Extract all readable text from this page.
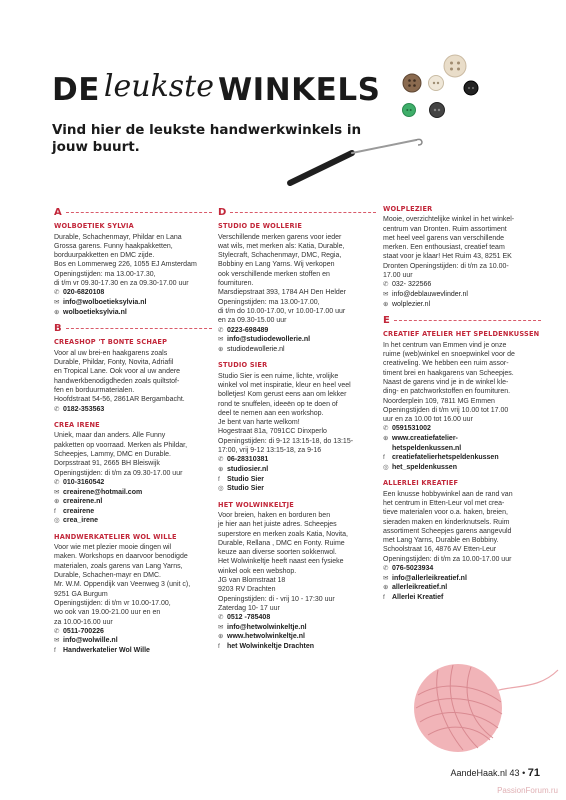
DE leukste WINKELS
Vind hier de leukste handwerkwinkels in jouw buurt.
A
WOLBOETIEK SYLVIA
Durable, Schachenmayr, Phildar en Lana
Grossa garens. Funny haakpakketten,
borduurpakketten en DMC zijde.
Bos en Lommerweg 226, 1055 EJ Amsterdam
Openingstijden: ma 13.00-17.30,
di t/m vr 09.30-17.30 en za 09.30-17.00 uur
✆ 020-6820108
✉ info@wolboetieksylvia.nl
⊕ wolboetieksylvia.nl
B
CREASHOP 'T BONTE SCHAEP
Voor al uw brei-en haakgarens zoals
Durable, Phildar, Fonty, Novita, Adriafil
en Tropical Lane. Ook voor al uw andere
handwerkbenodigdheden zoals quiltstof-
fen en borduurmaterialen.
Hoofdstraat 54-56, 2861AR Bergambacht.
✆ 0182-353563
CREA IRENE
Uniek, maar dan anders. Alle Funny
pakketten op voorraad. Merken als Phildar,
Scheepjes, Lammy, DMC en Durable.
Dorpsstraat 91, 2665 BH Bleiswijk
Openingstijden: di t/m za 09.30-17.00 uur
✆ 010-3160542
✉ creairene@hotmail.com
⊕ creairene.nl
f	creairene
◎ crea_irene
HANDWERKATELIER WOL WILLE
Voor wie met plezier mooie dingen wil
maken. Workshops en daarvoor benodigde
materialen, zoals garens van Lang Yarns,
Durable, Schachen-mayr en DMC.
Mr. W.M. Oppendijk van Veenweg 3 (unit c),
9251 GA Burgum
Openingstijden: di t/m vr 10.00-17.00,
wo ook van 19.00-21.00 uur en en
za 10.00-16.00 uur
✆ 0511-700226
✉ info@wolwille.nl
f	Handwerkatelier Wol Wille
D
STUDIO DE WOLLERIE
Verschillende merken garens voor ieder
wat wils, met merken als: Katia, Durable,
Stylecraft, Schachenmayr, DMC, Regia,
Bobbiny en Lang Yarns. Wij verkopen
ook verschillende merken stoffen en
fournituren.
Marsdiepstraat 393, 1784 AH Den Helder
Openingstijden: ma 13.00-17.00,
di t/m do 10.00-17.00, vr 10.00-17.00 uur
en za 09.30-15.00 uur
✆ 0223-698489
✉ info@studiodewollerie.nl
⊕ studiodewollerie.nl
STUDIO SIER
Studio Sier is een ruime, lichte, vrolijke
winkel vol met inspiratie, kleur en heel veel
bolletjes! Kom gerust eens aan om lekker
rond te snuffelen, ideeën op te doen of
deel te nemen aan een workshop.
Je bent van harte welkom!
Hogestraat 81a, 7091CC Dinxperlo
Openingstijden: di 9-12 13:15-18, do 13:15-
17:00, vrij 9-12 13:15-18, za 9-16
✆ 06-28310381
⊕ studiosier.nl
f	Studio Sier
◎ Studio Sier
HET WOLWINKELTJE
Voor breien, haken en borduren ben
je hier aan het juiste adres. Scheepjes
superstore en merken zoals Katia, Novita,
Durable, Rellana , DMC en Fonty. Ruime
keuze aan diverse soorten sokkenwol.
Het Wolwinkeltje heeft naast een fysieke
winkel ook een webshop.
JG van Blomstraat 18
9203 RV Drachten
Openingstijden: di - vrij 10 - 17:30 uur
Zaterdag 10- 17 uur
✆ 0512 -785408
✉ info@hetwolwinkeltje.nl
⊕ www.hetwolwinkeltje.nl
f	het Wolwinkeltje Drachten
WOLPLEZIER
Mooie, overzichtelijke winkel in het winkel-
centrum van Dronten. Ruim assortiment
met heel veel garens van verschillende
merken. Een enthousiast, creatief team
staat voor je klaar! Het Ruim 43, 8251 EK
Dronten Openingstijden: di t/m za 10.00-
17.00 uur
✆ 032- 322566
✉ info@deblauwevlinder.nl
⊕ wolplezier.nl
E
CREATIEF ATELIER HET SPELDENKUSSEN
In het centrum van Emmen vind je onze
ruime (web)winkel en snoepwinkel voor de
creativeling. We hebben een ruim assor-
timent brei en haakgarens van Scheepjes.
Naast de garens vind je in de winkel kle-
ding- en patchworkstoffen en fournituren.
Noorderplein 109, 7811 MG Emmen
Openingstijden di t/m vrij 10.00 tot 17.00
uur en za 10.00 tot 16.00 uur
✆ 0591531002
⊕ www.creatiefatelier-
hetspeldenkussen.nl
f	creatiefatelierhetspeldenkussen
◎ het_speldenkussen
ALLERLEI KREATIEF
Een knusse hobbywinkel aan de rand van
het centrum in Etten-Leur vol met crea-
tieve materialen voor o.a. haken, breien,
sieraden maken en kinderknutsels. Ruim
assortiment Scheepjes garens aangevuld
met Lang Yarns, Durable en Bobbiny.
Schoolstraat 16, 4876 AV Etten-Leur
Openingstijden: di t/m za 10.00-17.00 uur
✆ 076-5023934
✉ info@allerleikreatief.nl
⊕ allerleikreatief.nl
f	Allerlei Kreatief
AandeHaak.nl 43 • 71
PassionForum.ru
